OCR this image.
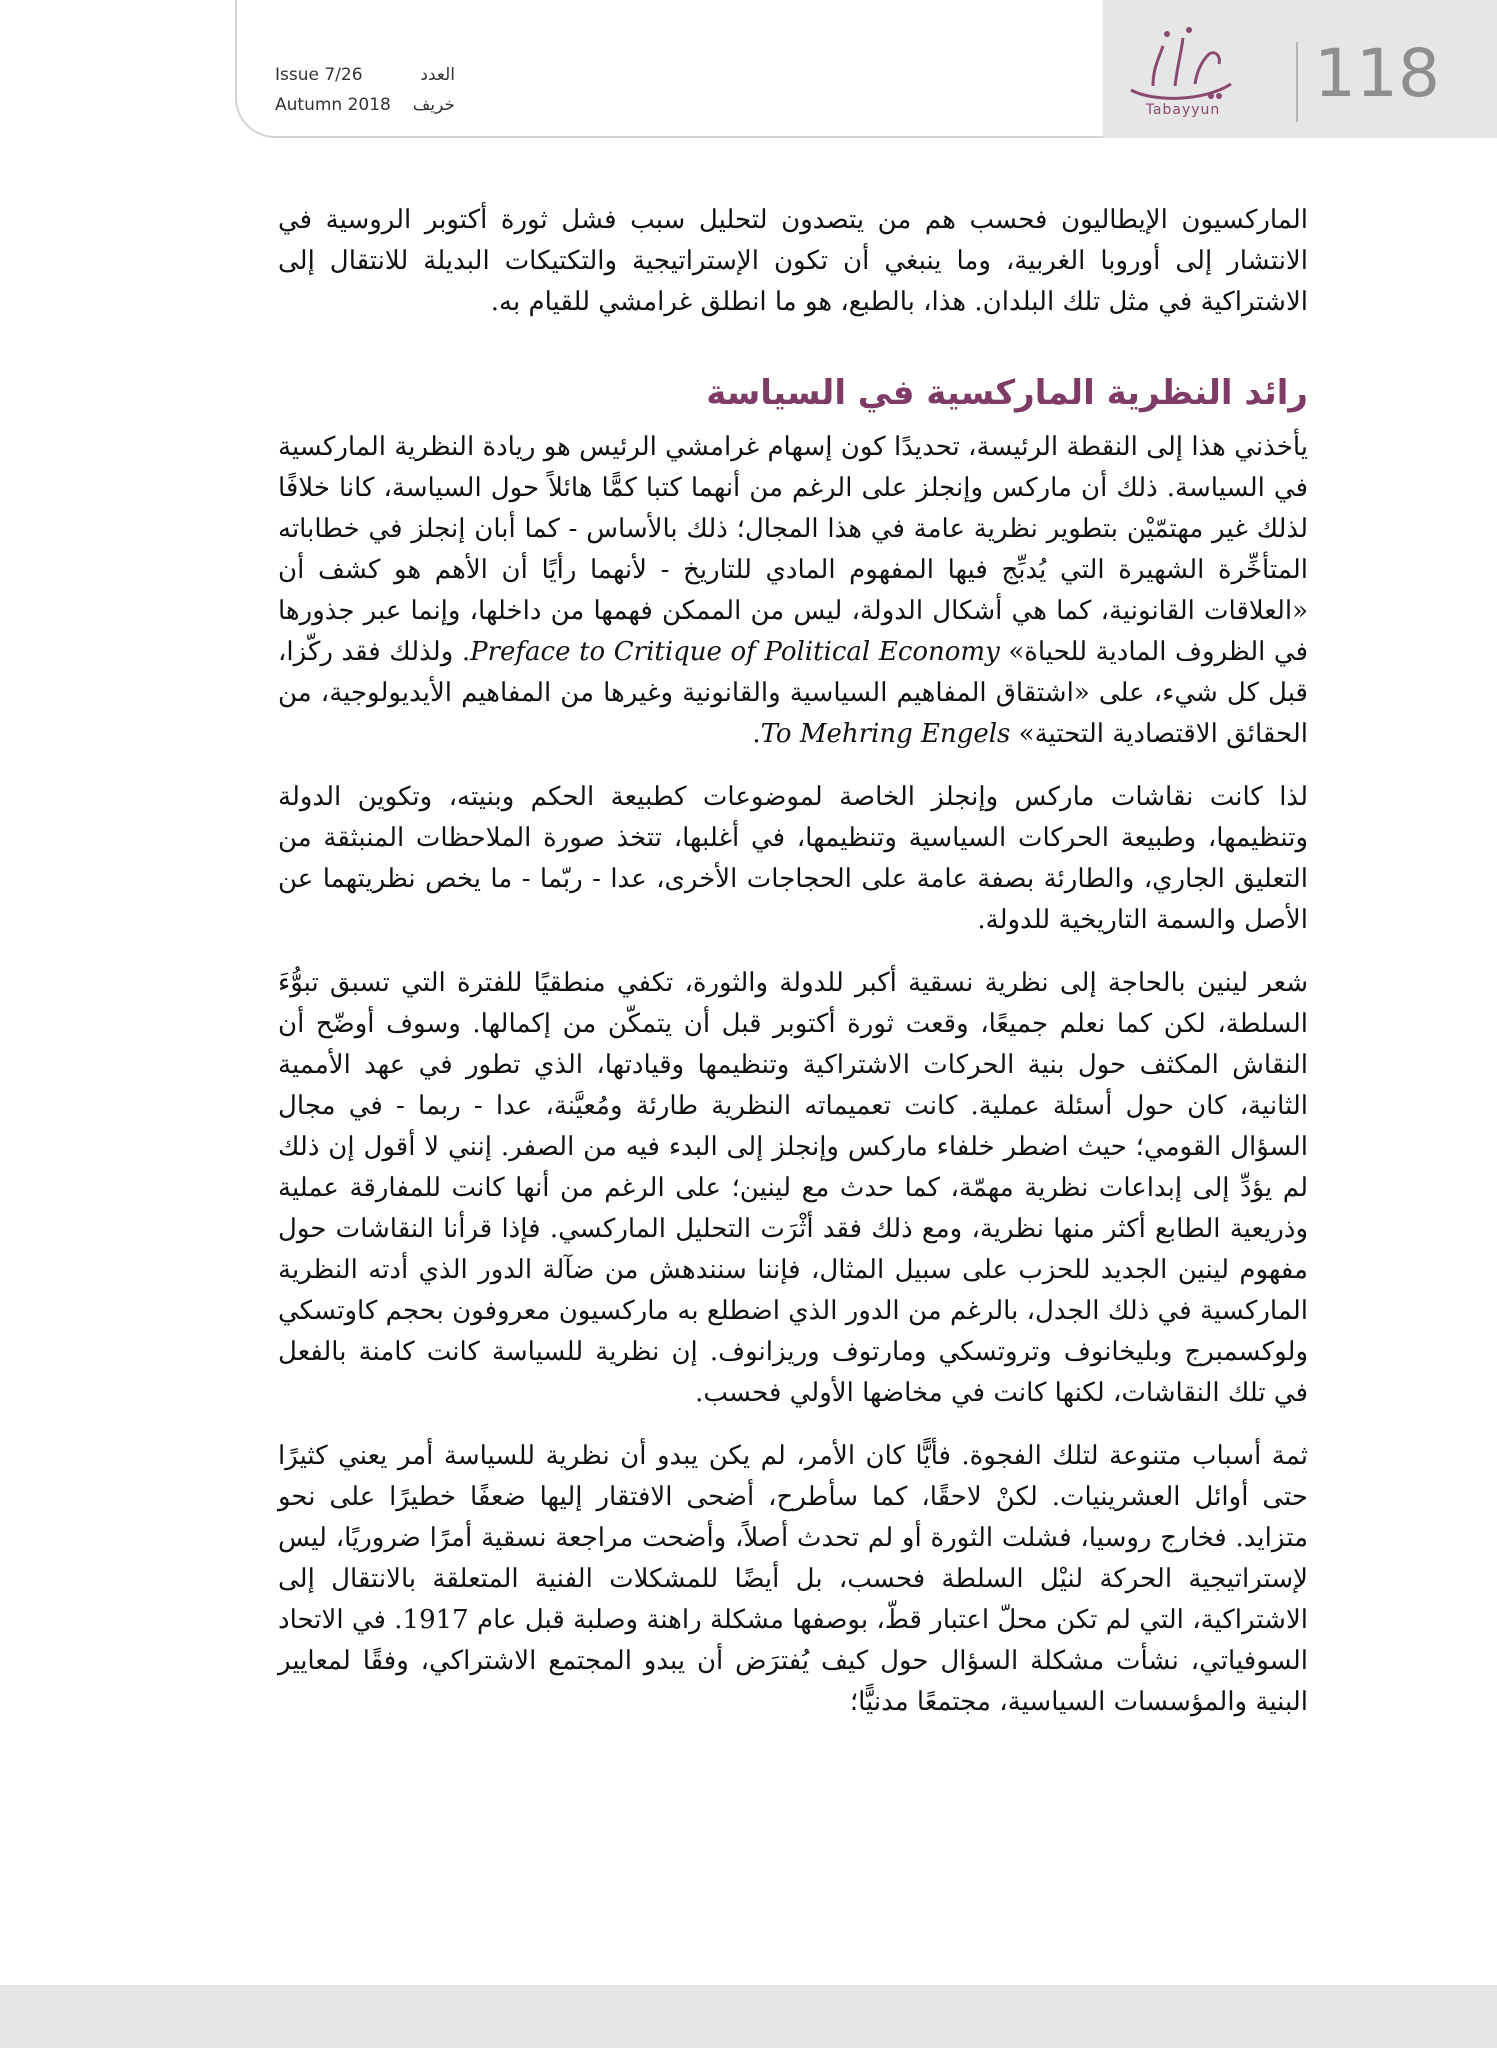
Issue 7/26	العدد
Autumn 2018 خريف	Tabayyun	118

الماركسيون الإيطاليون فحسب هم من يتصدون لتحليل سبب فشل ثورة أكتوبر الروسية في الانتشار إلى أوروبا الغربية، وما ينبغي أن تكون الإستراتيجية والتكتيكات البديلة للانتقال إلى الاشتراكية في مثل تلك البلدان. هذا، بالطبع، هو ما انطلق غرامشي للقيام به.

رائد النظرية الماركسية في السياسة

يأخذني هذا إلى النقطة الرئيسة، تحديدًا كون إسهام غرامشي الرئيس هو ريادة النظرية الماركسية في السياسة. ذلك أن ماركس وإنجلز على الرغم من أنهما كتبا كمًّا هائلاً حول السياسة، كانا خلافًا لذلك غير مهتمّيْن بتطوير نظرية عامة في هذا المجال؛ ذلك بالأساس - كما أبان إنجلز في خطاباته المتأخِّرة الشهيرة التي يُدبِّج فيها المفهوم المادي للتاريخ - لأنهما رأيًا أن الأهم هو كشف أن «العلاقات القانونية، كما هي أشكال الدولة، ليس من الممكن فهمها من داخلها، وإنما عبر جذورها في الظروف المادية للحياة» Preface to Critique of Political Economy. ولذلك فقد ركّزا، قبل كل شيء، على «اشتقاق المفاهيم السياسية والقانونية وغيرها من المفاهيم الأيديولوجية، من الحقائق الاقتصادية التحتية» To Mehring Engels.

لذا كانت نقاشات ماركس وإنجلز الخاصة لموضوعات كطبيعة الحكم وبنيته، وتكوين الدولة وتنظيمها، وطبيعة الحركات السياسية وتنظيمها، في أغلبها، تتخذ صورة الملاحظات المنبثقة من التعليق الجاري، والطارئة بصفة عامة على الحجاجات الأخرى، عدا - ربّما - ما يخص نظريتهما عن الأصل والسمة التاريخية للدولة.

شعر لينين بالحاجة إلى نظرية نسقية أكبر للدولة والثورة، تكفي منطقيًا للفترة التي تسبق تبوُّءَ السلطة، لكن كما نعلم جميعًا، وقعت ثورة أكتوبر قبل أن يتمكّن من إكمالها. وسوف أوضّح أن النقاش المكثف حول بنية الحركات الاشتراكية وتنظيمها وقيادتها، الذي تطور في عهد الأممية الثانية، كان حول أسئلة عملية. كانت تعميماته النظرية طارئة ومُعيَّنة، عدا - ربما - في مجال السؤال القومي؛ حيث اضطر خلفاء ماركس وإنجلز إلى البدء فيه من الصفر. إنني لا أقول إن ذلك لم يؤدِّ إلى إبداعات نظرية مهمّة، كما حدث مع لينين؛ على الرغم من أنها كانت للمفارقة عملية وذريعية الطابع أكثر منها نظرية، ومع ذلك فقد أثْرَت التحليل الماركسي. فإذا قرأنا النقاشات حول مفهوم لينين الجديد للحزب على سبيل المثال، فإننا سنندهش من ضآلة الدور الذي أدته النظرية الماركسية في ذلك الجدل، بالرغم من الدور الذي اضطلع به ماركسيون معروفون بحجم كاوتسكي ولوكسمبرج وبليخانوف وتروتسكي ومارتوف وريزانوف. إن نظرية للسياسة كانت كامنة بالفعل في تلك النقاشات، لكنها كانت في مخاضها الأولي فحسب.

ثمة أسباب متنوعة لتلك الفجوة. فأيًّا كان الأمر، لم يكن يبدو أن نظرية للسياسة أمر يعني كثيرًا حتى أوائل العشرينيات. لكنْ لاحقًا، كما سأطرح، أضحى الافتقار إليها ضعفًا خطيرًا على نحو متزايد. فخارج روسيا، فشلت الثورة أو لم تحدث أصلاً، وأضحت مراجعة نسقية أمرًا ضروريًا، ليس لإستراتيجية الحركة لنيْل السلطة فحسب، بل أيضًا للمشكلات الفنية المتعلقة بالانتقال إلى الاشتراكية، التي لم تكن محلّ اعتبار قطّ، بوصفها مشكلة راهنة وصلبة قبل عام 1917. في الاتحاد السوفياتي، نشأت مشكلة السؤال حول كيف يُفترَض أن يبدو المجتمع الاشتراكي، وفقًا لمعايير البنية والمؤسسات السياسية، مجتمعًا مدنيًّا؛
